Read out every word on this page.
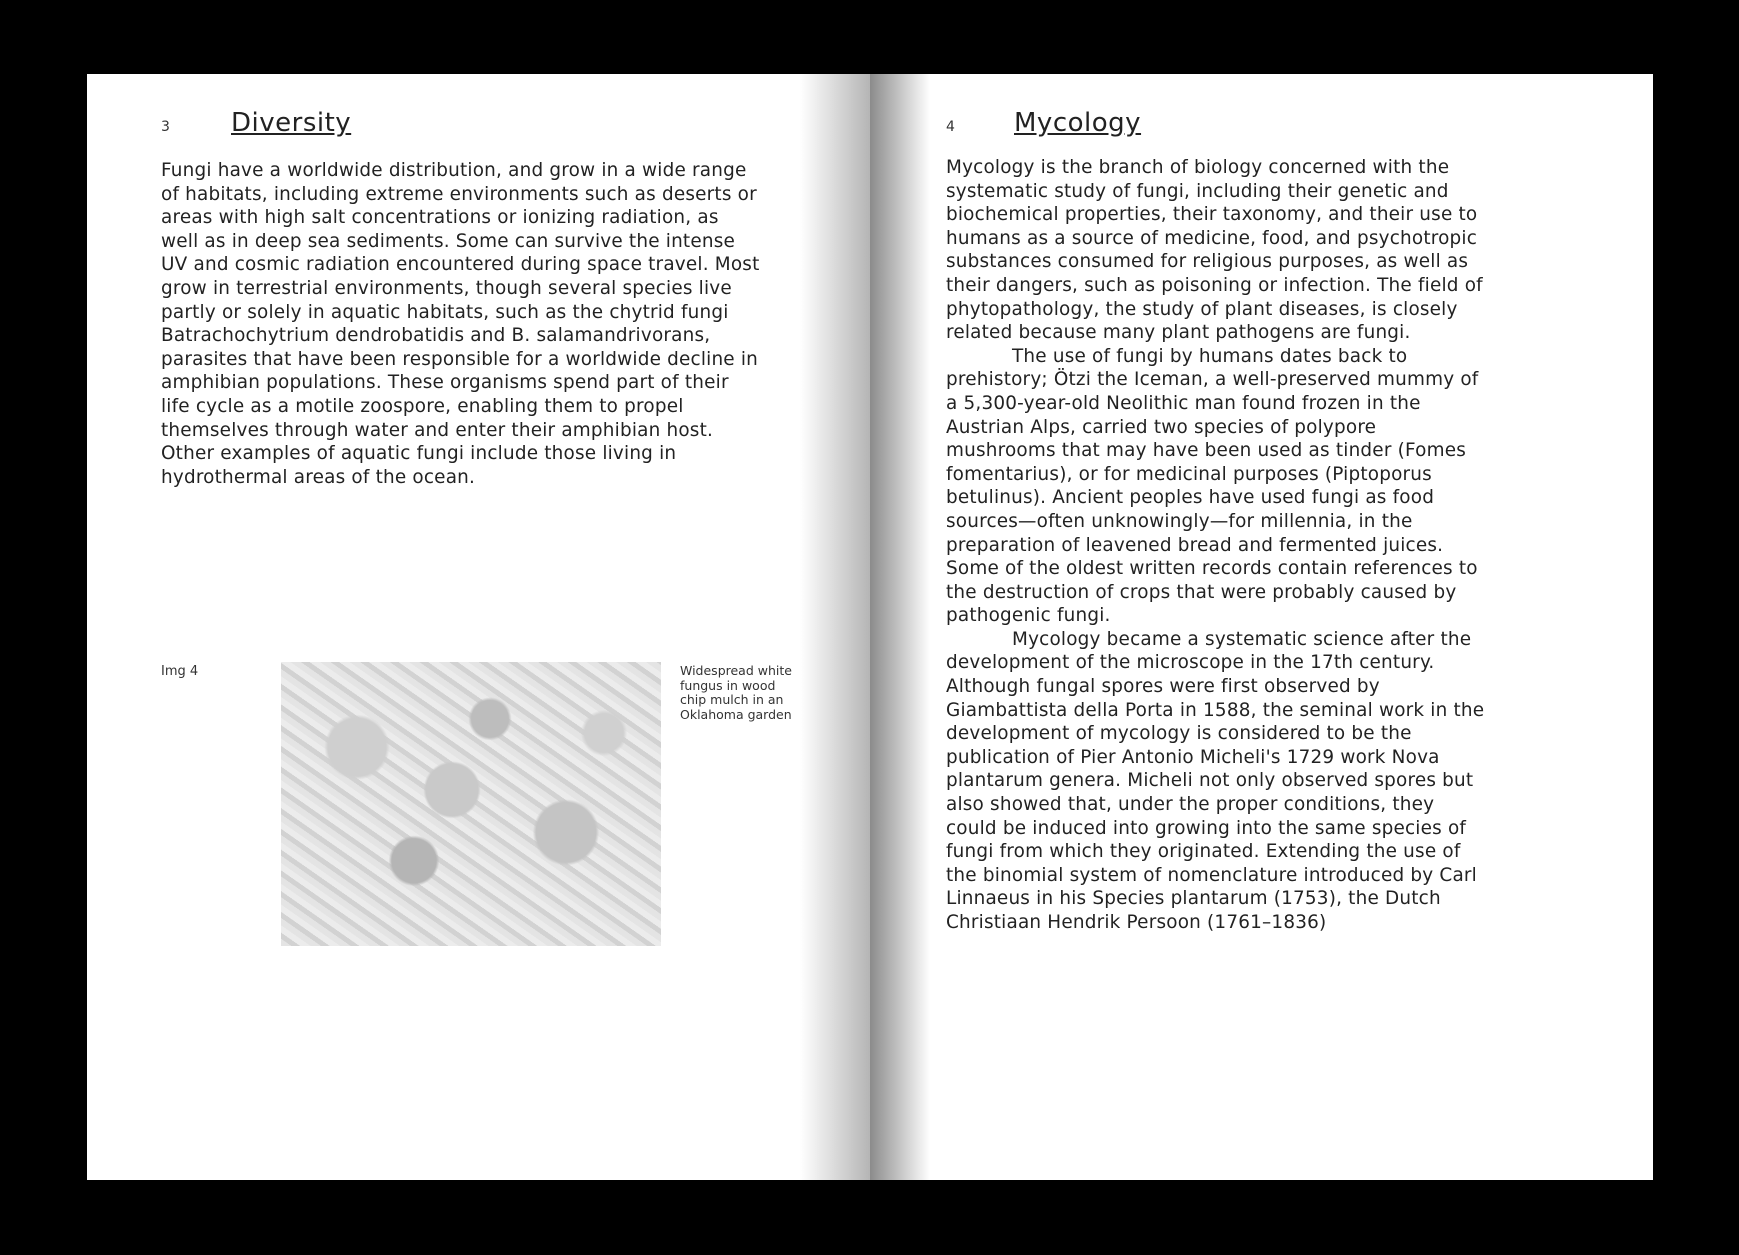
3 Diversity

Fungi have a worldwide distribution, and grow in a wide range of habitats, including extreme environments such as deserts or areas with high salt concentrations or ionizing radiation, as well as in deep sea sediments. Some can survive the intense UV and cosmic radiation encountered during space travel. Most grow in terrestrial environments, though several species live partly or solely in aquatic habitats, such as the chytrid fungi Batrachochytrium dendrobatidis and B. salamandrivorans, parasites that have been responsible for a worldwide decline in amphibian populations. These organisms spend part of their life cycle as a motile zoospore, enabling them to propel themselves through water and enter their amphibian host. Other examples of aquatic fungi include those living in hydrothermal areas of the ocean.

Img 4	Widespread white fungus in wood chip mulch in an Oklahoma garden
4 Mycology

Mycology is the branch of biology concerned with the systematic study of fungi, including their genetic and biochemical properties, their taxonomy, and their use to humans as a source of medicine, food, and psychotropic substances consumed for religious purposes, as well as their dangers, such as poisoning or infection. The field of phytopathology, the study of plant diseases, is closely related because many plant pathogens are fungi.

The use of fungi by humans dates back to prehistory; Ötzi the Iceman, a well-preserved mummy of a 5,300-year-old Neolithic man found frozen in the Austrian Alps, carried two species of polypore mushrooms that may have been used as tinder (Fomes fomentarius), or for medicinal purposes (Piptoporus betulinus). Ancient peoples have used fungi as food sources—often unknowingly—for millennia, in the preparation of leavened bread and fermented juices. Some of the oldest written records contain references to the destruction of crops that were probably caused by pathogenic fungi.

Mycology became a systematic science after the development of the microscope in the 17th century. Although fungal spores were first observed by Giambattista della Porta in 1588, the seminal work in the development of mycology is considered to be the publication of Pier Antonio Micheli's 1729 work Nova plantarum genera. Micheli not only observed spores but also showed that, under the proper conditions, they could be induced into growing into the same species of fungi from which they originated. Extending the use of the binomial system of nomenclature introduced by Carl Linnaeus in his Species plantarum (1753), the Dutch Christiaan Hendrik Persoon (1761–1836)
